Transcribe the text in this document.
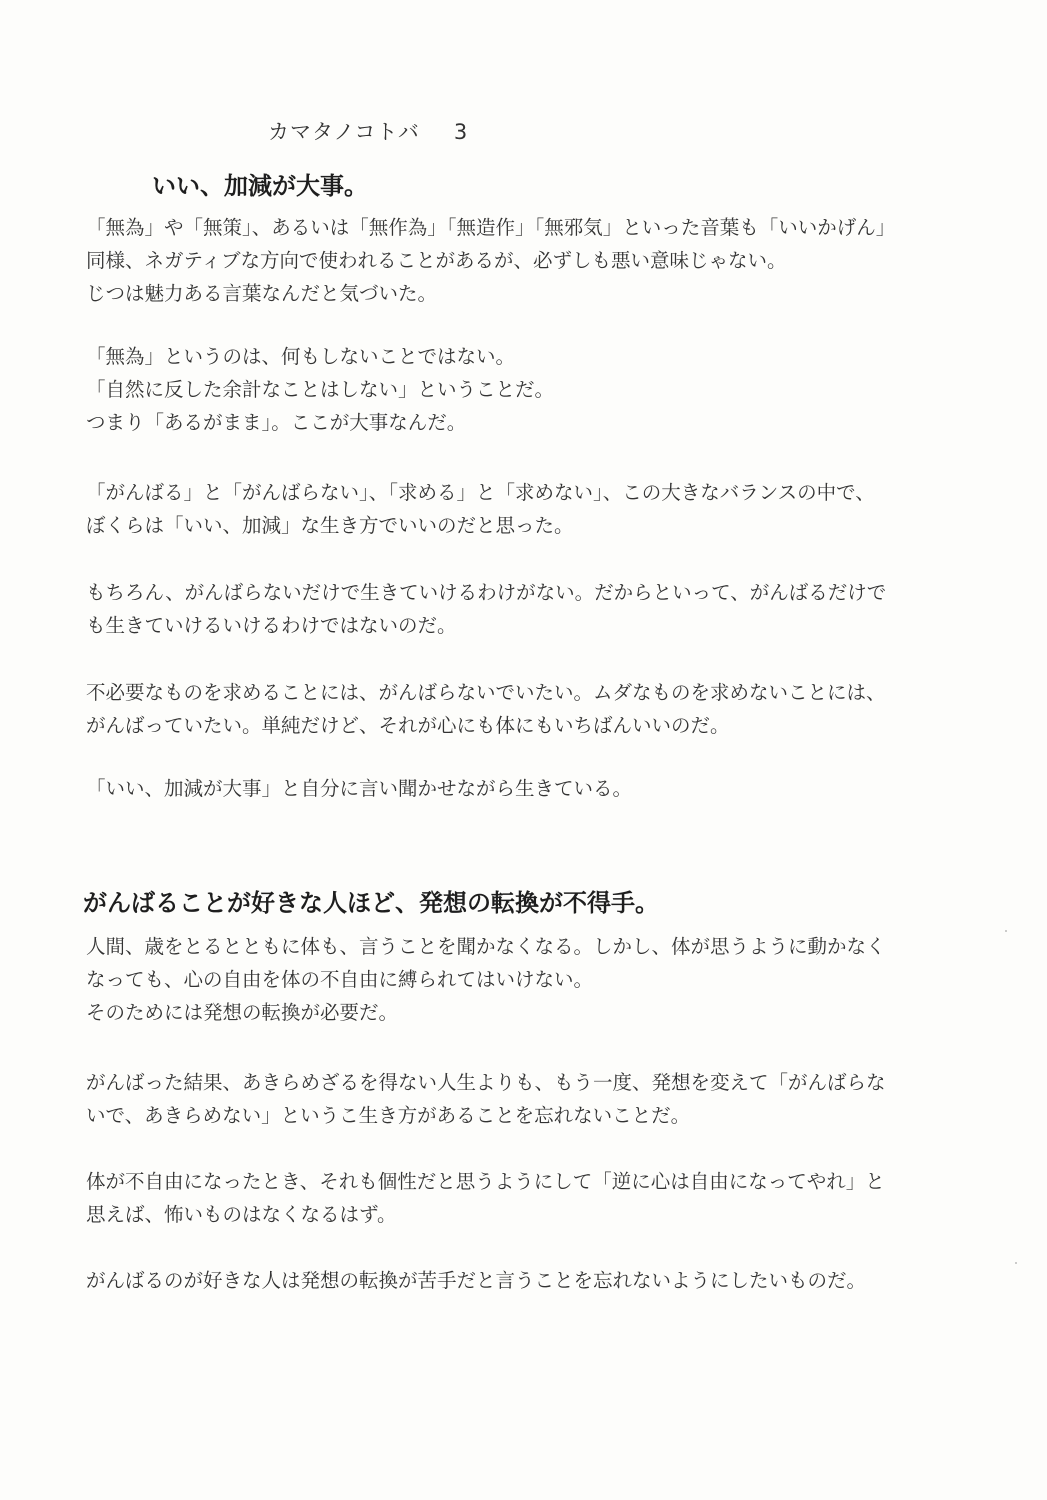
カマタノコトバ 3
いい、加減が大事。
「無為」や「無策」、あるいは「無作為」「無造作」「無邪気」といった音葉も「いいかげん」
同様、ネガティブな方向で使われることがあるが、必ずしも悪い意味じゃない。
じつは魅力ある言葉なんだと気づいた。
「無為」というのは、何もしないことではない。
「自然に反した余計なことはしない」ということだ。
つまり「あるがまま」。ここが大事なんだ。
「がんばる」と「がんばらない」、「求める」と「求めない」、この大きなバランスの中で、
ぼくらは「いい、加減」な生き方でいいのだと思った。
もちろん、がんばらないだけで生きていけるわけがない。だからといって、がんばるだけで
も生きていけるいけるわけではないのだ。
不必要なものを求めることには、がんばらないでいたい。ムダなものを求めないことには、
がんばっていたい。単純だけど、それが心にも体にもいちばんいいのだ。
「いい、加減が大事」と自分に言い聞かせながら生きている。
がんばることが好きな人ほど、発想の転換が不得手。
人間、歳をとるとともに体も、言うことを聞かなくなる。しかし、体が思うように動かなく
なっても、心の自由を体の不自由に縛られてはいけない。
そのためには発想の転換が必要だ。
がんばった結果、あきらめざるを得ない人生よりも、もう一度、発想を変えて「がんばらな
いで、あきらめない」というこ生き方があることを忘れないことだ。
体が不自由になったとき、それも個性だと思うようにして「逆に心は自由になってやれ」と
思えば、怖いものはなくなるはず。
がんばるのが好きな人は発想の転換が苦手だと言うことを忘れないようにしたいものだ。
